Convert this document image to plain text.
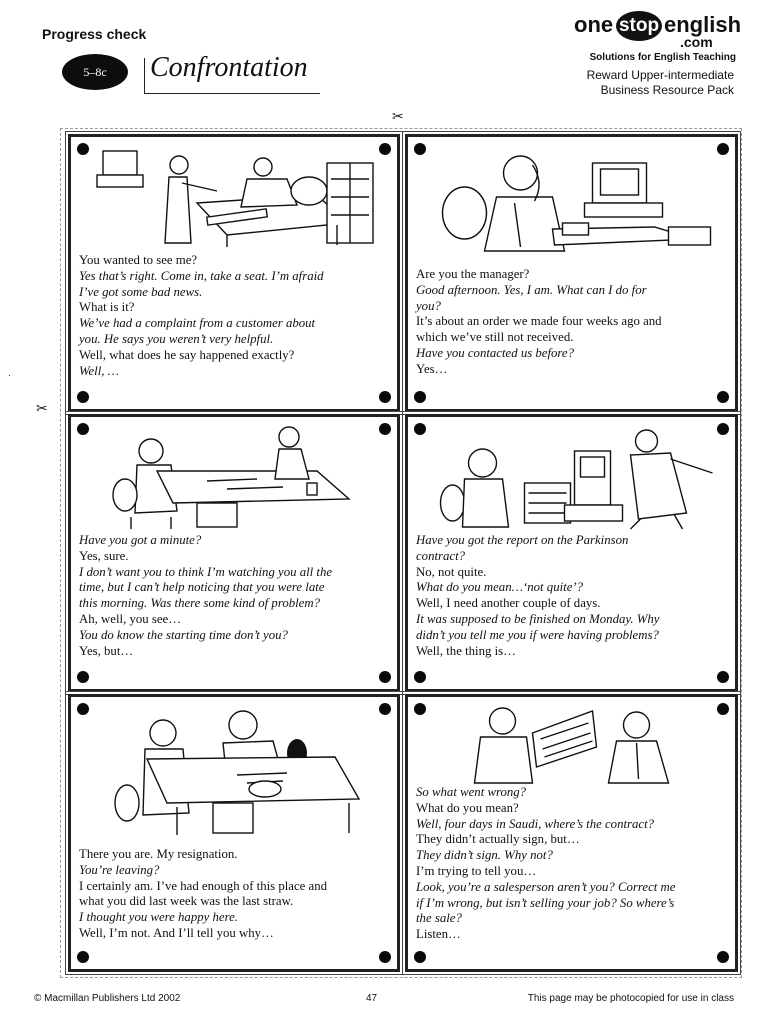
Progress check
5–8c	Confrontation
one stop english
.com
Solutions for English Teaching
Reward Upper-intermediate
Business Resource Pack
✂
✂
·

You wanted to see me?

Yes that’s right. Come in, take a seat. I’m afraid

I’ve got some bad news.

What is it?

We’ve had a complaint from a customer about

you. He says you weren’t very helpful.

Well, what does he say happened exactly?

Well, …

Are you the manager?

Good afternoon. Yes, I am. What can I do for

you?

It’s about an order we made four weeks ago and

which we’ve still not received.

Have you contacted us before?

Yes…

Have you got a minute?

Yes, sure.

I don’t want you to think I’m watching you all the

time, but I can’t help noticing that you were late

this morning. Was there some kind of problem?

Ah, well, you see…

You do know the starting time don’t you?

Yes, but…

Have you got the report on the Parkinson

contract?

No, not quite.

What do you mean…‘not quite’?

Well, I need another couple of days.

It was supposed to be finished on Monday. Why

didn’t you tell me you if were having problems?

Well, the thing is…

There you are. My resignation.

You’re leaving?

I certainly am. I’ve had enough of this place and

what you did last week was the last straw.

I thought you were happy here.

Well, I’m not. And I’ll tell you why…

So what went wrong?

What do you mean?

Well, four days in Saudi, where’s the contract?

They didn’t actually sign, but…

They didn’t sign. Why not?

I’m trying to tell you…

Look, you’re a salesperson aren’t you? Correct me

if I’m wrong, but isn’t selling your job? So where’s

the sale?

Listen…

© Macmillan Publishers Ltd 2002	47	This page may be photocopied for use in class
